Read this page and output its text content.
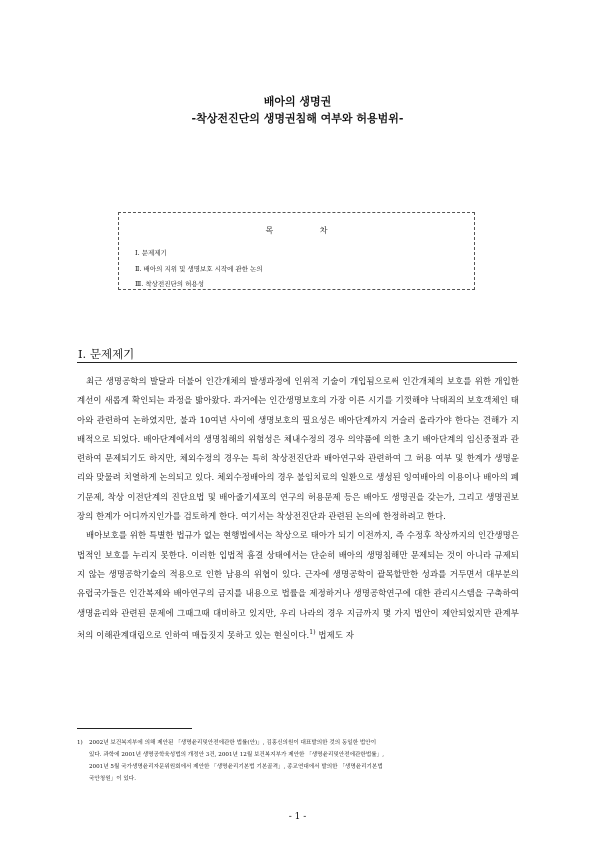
배아의 생명권
-착상전진단의 생명권침해 여부와 허용범위-
목 차
Ⅰ. 문제제기
Ⅱ. 배아의 지위 및 생명보호 시작에 관한 논의
Ⅲ. 착상전진단의 허용성
Ⅰ. 문제제기

최근 생명공학의 발달과 더불어 인간개체의 발생과정에 인위적 기술이 개입됨으로써 인간개체의 보호를 위한 개입한계선이 새롭게 확인되는 과정을 밟아왔다. 과거에는 인간생명보호의 가장 이른 시기를 기껏해야 낙태죄의 보호객체인 태아와 관련하여 논하였지만, 불과 10여년 사이에 생명보호의 필요성은 배아단계까지 거슬러 올라가야 한다는 견해가 지배적으로 되었다. 배아단계에서의 생명침해의 위험성은 체내수정의 경우 의약품에 의한 초기 배아단계의 임신중절과 관련하여 문제되기도 하지만, 체외수정의 경우는 특히 착상전진단과 배아연구와 관련하여 그 허용 여부 및 한계가 생명윤리와 맞물려 치열하게 논의되고 있다. 체외수정배아의 경우 불임치료의 일환으로 생성된 잉여배아의 이용이나 배아의 폐기문제, 착상 이전단계의 진단요법 및 배아줄기세포의 연구의 허용문제 등은 배아도 생명권을 갖는가, 그리고 생명권보장의 한계가 어디까지인가를 검토하게 한다. 여기서는 착상전진단과 관련된 논의에 한정하려고 한다.

배아보호를 위한 특별한 법규가 없는 현행법에서는 착상으로 태아가 되기 이전까지, 즉 수정후 착상까지의 인간생명은 법적인 보호를 누리지 못한다. 이러한 입법적 흠결 상태에서는 단순히 배아의 생명침해만 문제되는 것이 아니라 규제되지 않는 생명공학기술의 적용으로 인한 남용의 위협이 있다. 근자에 생명공학이 괄목할만한 성과를 거두면서 대부분의 유럽국가들은 인간복제와 배아연구의 금지를 내용으로 법률을 제정하거나 생명공학연구에 대한 관리시스템을 구축하여 생명윤리와 관련된 문제에 그때그때 대비하고 있지만, 우리 나라의 경우 지금까지 몇 가지 법안이 제안되었지만 관계부처의 이해관계대립으로 인하여 매듭짓지 못하고 있는 현실이다.$^{1)}$ 법제도 자

1) 2002년 보건복지부에 의해 제안된 「생명윤리및안전에관한 법률(안)」, 김홍신의원이 대표발의한 것의 동일한 법안이
있다. 과학에 2001년 생명공학육성법의 개정안 3건, 2001년 12월 보건복지부가 제안한 「생명윤리및안전에관한법률」,
2001년 5월 국가생명윤리자문위원회에서 제안한 「생명윤리기본법 기본골격」, 종교연대에서 발의한 「생명윤리기본법
국안청원」이 있다.
- 1 -
